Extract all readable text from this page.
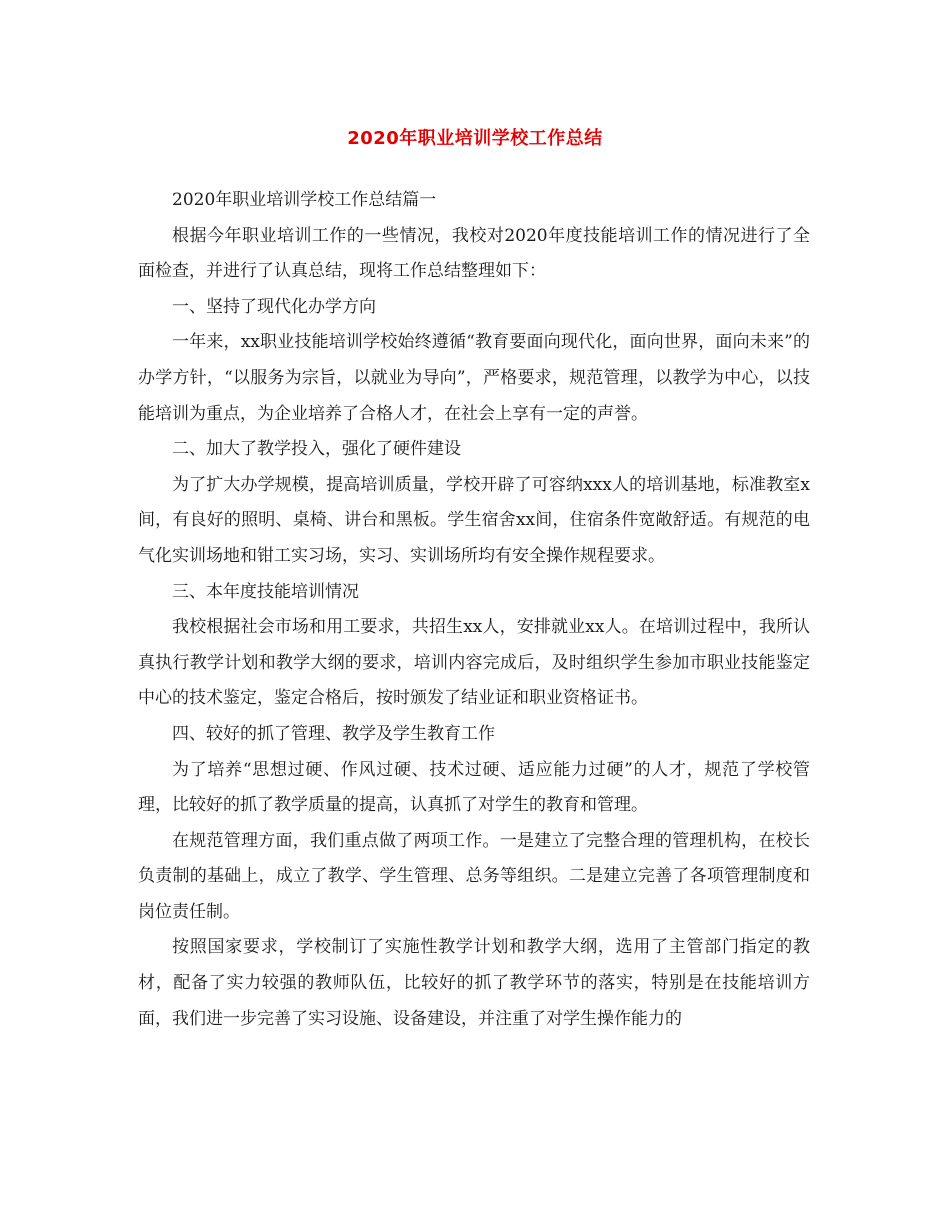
2020年职业培训学校工作总结

2020年职业培训学校工作总结篇一

根据今年职业培训工作的一些情况，我校对2020年度技能培训工作的情况进行了全面检查，并进行了认真总结，现将工作总结整理如下：

一、坚持了现代化办学方向

一年来，xx职业技能培训学校始终遵循“教育要面向现代化，面向世界，面向未来”的办学方针，“以服务为宗旨，以就业为导向”，严格要求，规范管理，以教学为中心，以技能培训为重点，为企业培养了合格人才，在社会上享有一定的声誉。

二、加大了教学投入，强化了硬件建设

为了扩大办学规模，提高培训质量，学校开辟了可容纳xxx人的培训基地，标准教室x间，有良好的照明、桌椅、讲台和黑板。学生宿舍xx间，住宿条件宽敞舒适。有规范的电气化实训场地和钳工实习场，实习、实训场所均有安全操作规程要求。

三、本年度技能培训情况

我校根据社会市场和用工要求，共招生xx人，安排就业xx人。在培训过程中，我所认真执行教学计划和教学大纲的要求，培训内容完成后，及时组织学生参加市职业技能鉴定中心的技术鉴定，鉴定合格后，按时颁发了结业证和职业资格证书。

四、较好的抓了管理、教学及学生教育工作

为了培养“思想过硬、作风过硬、技术过硬、适应能力过硬”的人才，规范了学校管理，比较好的抓了教学质量的提高，认真抓了对学生的教育和管理。

在规范管理方面，我们重点做了两项工作。一是建立了完整合理的管理机构，在校长负责制的基础上，成立了教学、学生管理、总务等组织。二是建立完善了各项管理制度和岗位责任制。

按照国家要求，学校制订了实施性教学计划和教学大纲，选用了主管部门指定的教材，配备了实力较强的教师队伍，比较好的抓了教学环节的落实，特别是在技能培训方面，我们进一步完善了实习设施、设备建设，并注重了对学生操作能力的
